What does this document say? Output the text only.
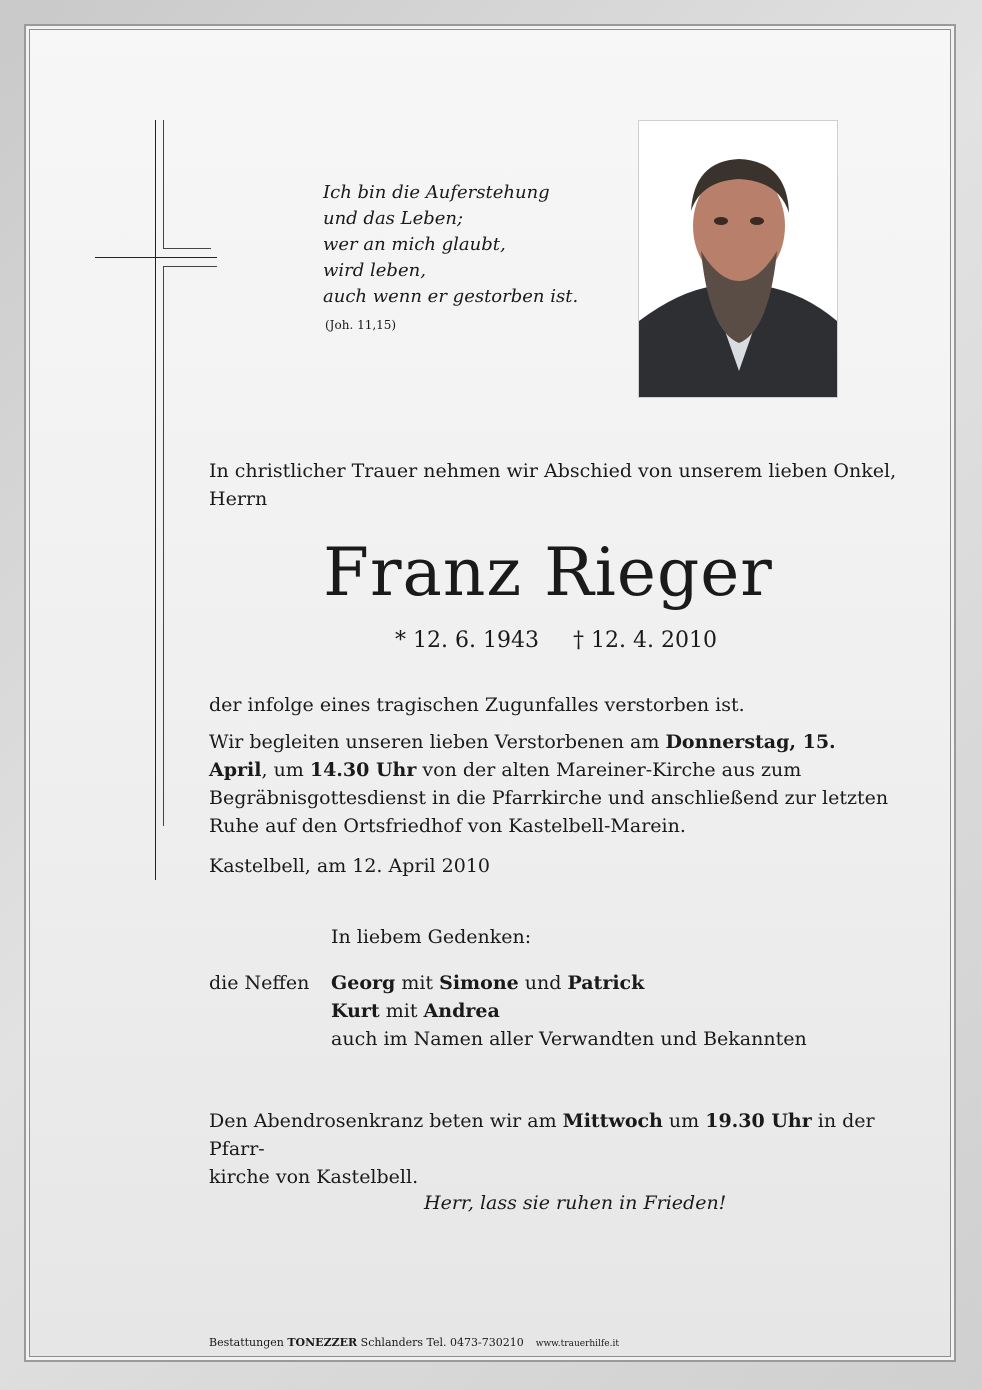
Ich bin die Auferstehung
und das Leben;
wer an mich glaubt,
wird leben,
auch wenn er gestorben ist.
(Joh. 11,15)
In christlicher Trauer nehmen wir Abschied von unserem lieben Onkel,
Herrn
Franz Rieger
* 12. 6. 1943 † 12. 4. 2010
der infolge eines tragischen Zugunfalles verstorben ist.
Wir begleiten unseren lieben Verstorbenen am Donnerstag, 15. April, um 14.30 Uhr von der alten Mareiner-Kirche aus zum Begräbnisgottesdienst in die Pfarrkirche und anschließend zur letzten Ruhe auf den Ortsfriedhof von Kastelbell-Marein.
Kastelbell, am 12. April 2010
In liebem Gedenken:
die Neffen Georg mit Simone und Patrick
Kurt mit Andrea
auch im Namen aller Verwandten und Bekannten
Den Abendrosenkranz beten wir am Mittwoch um 19.30 Uhr in der Pfarr-
kirche von Kastelbell.
Herr, lass sie ruhen in Frieden!
Bestattungen TONEZZER Schlanders Tel. 0473-730210 www.trauerhilfe.it
